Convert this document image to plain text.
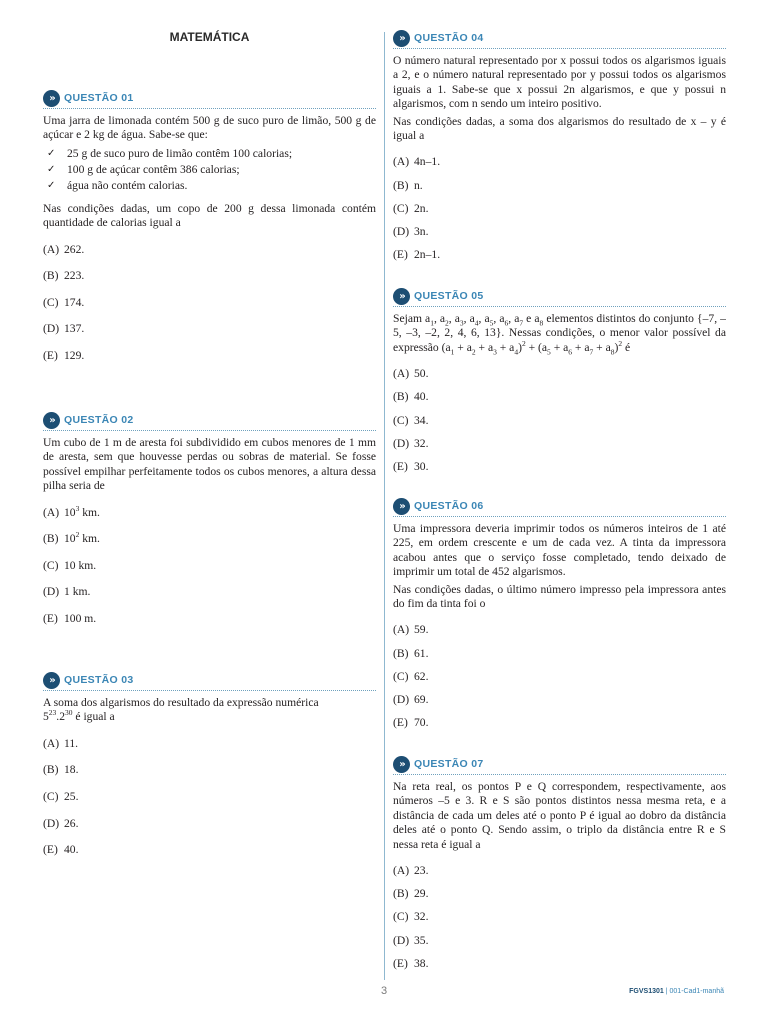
MATEMÁTICA
» QUESTÃO 01

Uma jarra de limonada contém 500 g de suco puro de limão, 500 g de açúcar e 2 kg de água. Sabe-se que:

✓ 25 g de suco puro de limão contêm 100 calorias;
✓ 100 g de açúcar contêm 386 calorias;
✓ água não contém calorias.

Nas condições dadas, um copo de 200 g dessa limonada contém quantidade de calorias igual a

(A) 262.
(B) 223.
(C) 174.
(D) 137.
(E) 129.
» QUESTÃO 02

Um cubo de 1 m de aresta foi subdividido em cubos menores de 1 mm de aresta, sem que houvesse perdas ou sobras de material. Se fosse possível empilhar perfeitamente todos os cubos menores, a altura dessa pilha seria de

(A) $10^3$ km.
(B) $10^2$ km.
(C) 10 km.
(D) 1 km.
(E) 100 m.
» QUESTÃO 03

A soma dos algarismos do resultado da expressão numérica
$5^{23}.2^{30}$ é igual a

(A) 11.
(B) 18.
(C) 25.
(D) 26.
(E) 40.
» QUESTÃO 04

O número natural representado por x possui todos os algarismos iguais a 2, e o número natural representado por y possui todos os algarismos iguais a 1. Sabe-se que x possui 2n algarismos, e que y possui n algarismos, com n sendo um inteiro positivo.

Nas condições dadas, a soma dos algarismos do resultado de x – y é igual a

(A) 4n–1.
(B) n.
(C) 2n.
(D) 3n.
(E) 2n–1.
» QUESTÃO 05

Sejam $a_1$, $a_2$, $a_3$, $a_4$, $a_5$, $a_6$, $a_7$ e $a_8$ elementos distintos do conjunto {–7, –5, –3, –2, 2, 4, 6, 13}. Nessas condições, o menor valor possível da expressão $(a_1 + a_2 + a_3 + a_4)^2 + (a_5 + a_6 + a_7 + a_8)^2$ é

(A) 50.
(B) 40.
(C) 34.
(D) 32.
(E) 30.
» QUESTÃO 06

Uma impressora deveria imprimir todos os números inteiros de 1 até 225, em ordem crescente e um de cada vez. A tinta da impressora acabou antes que o serviço fosse completado, tendo deixado de imprimir um total de 452 algarismos.

Nas condições dadas, o último número impresso pela impressora antes do fim da tinta foi o

(A) 59.
(B) 61.
(C) 62.
(D) 69.
(E) 70.
» QUESTÃO 07

Na reta real, os pontos P e Q correspondem, respectivamente, aos números –5 e 3. R e S são pontos distintos nessa mesma reta, e a distância de cada um deles até o ponto P é igual ao dobro da distância deles até o ponto Q. Sendo assim, o triplo da distância entre R e S nessa reta é igual a

(A) 23.
(B) 29.
(C) 32.
(D) 35.
(E) 38.
3	FGVS1301 | 001-Cad1-manhã
